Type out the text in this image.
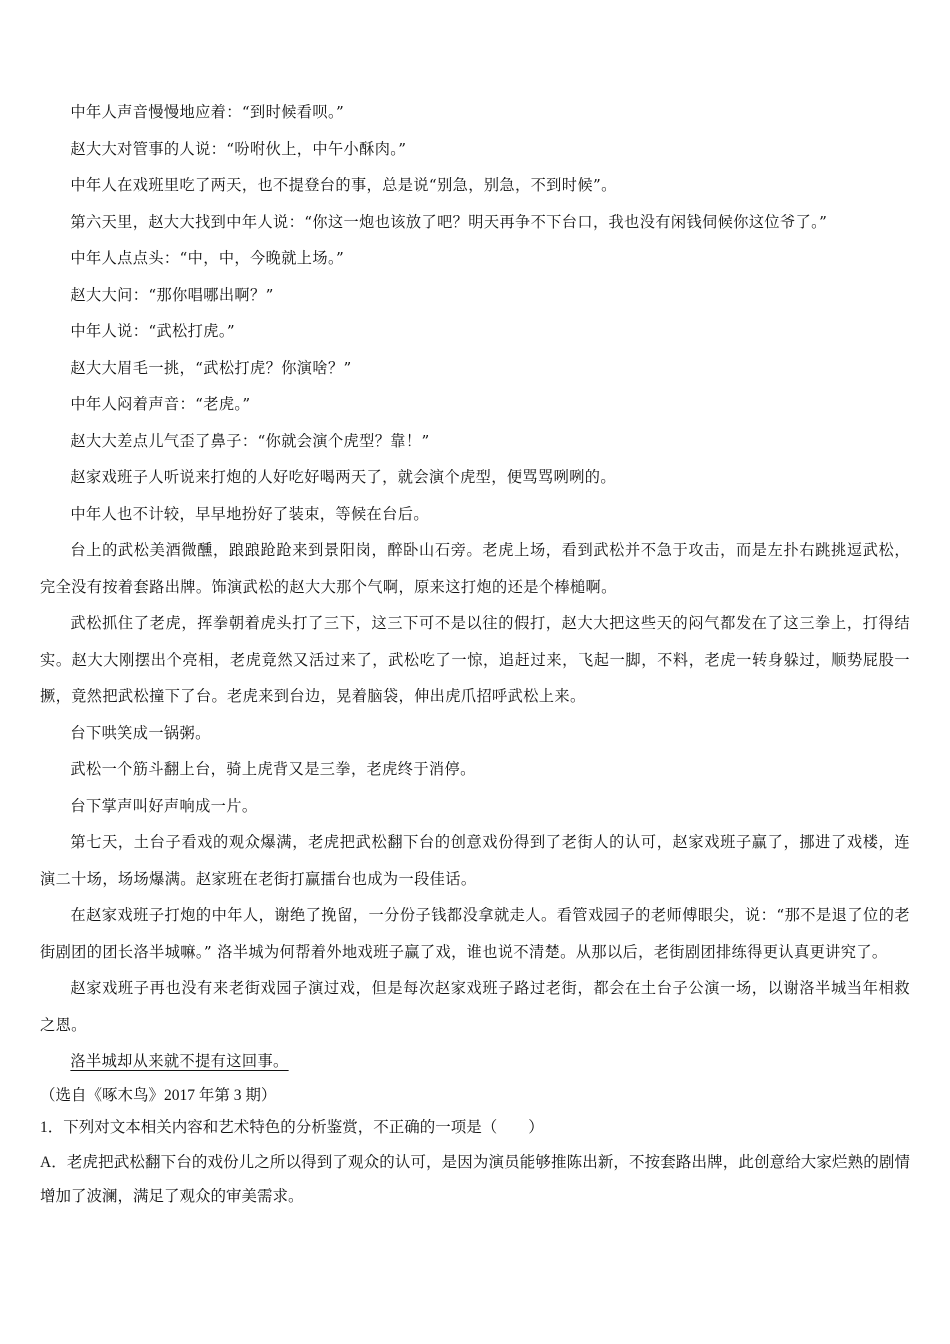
中年人声音慢慢地应着：“到时候看呗。”

赵大大对管事的人说：“吩咐伙上，中午小酥肉。”

中年人在戏班里吃了两天，也不提登台的事，总是说“别急，别急，不到时候”。

第六天里，赵大大找到中年人说：“你这一炮也该放了吧？明天再争不下台口，我也没有闲钱伺候你这位爷了。”

中年人点点头：“中，中，今晚就上场。”

赵大大问：“那你唱哪出啊？”

中年人说：“武松打虎。”

赵大大眉毛一挑，“武松打虎？你演啥？”

中年人闷着声音：“老虎。”

赵大大差点儿气歪了鼻子：“你就会演个虎型？靠！”

赵家戏班子人听说来打炮的人好吃好喝两天了，就会演个虎型，便骂骂咧咧的。

中年人也不计较，早早地扮好了装束，等候在台后。

台上的武松美酒微醺，踉踉跄跄来到景阳岗，醉卧山石旁。老虎上场，看到武松并不急于攻击，而是左扑右跳挑逗武松，完全没有按着套路出牌。饰演武松的赵大大那个气啊，原来这打炮的还是个棒槌啊。

武松抓住了老虎，挥拳朝着虎头打了三下，这三下可不是以往的假打，赵大大把这些天的闷气都发在了这三拳上，打得结实。赵大大刚摆出个亮相，老虎竟然又活过来了，武松吃了一惊，追赶过来，飞起一脚，不料，老虎一转身躲过，顺势屁股一撅，竟然把武松撞下了台。老虎来到台边，晃着脑袋，伸出虎爪招呼武松上来。

台下哄笑成一锅粥。

武松一个筋斗翻上台，骑上虎背又是三拳，老虎终于消停。

台下掌声叫好声响成一片。

第七天，土台子看戏的观众爆满，老虎把武松翻下台的创意戏份得到了老街人的认可，赵家戏班子赢了，挪进了戏楼，连演二十场，场场爆满。赵家班在老街打赢擂台也成为一段佳话。

在赵家戏班子打炮的中年人，谢绝了挽留，一分份子钱都没拿就走人。看管戏园子的老师傅眼尖，说：“那不是退了位的老街剧团的团长洛半城嘛。” 洛半城为何帮着外地戏班子赢了戏，谁也说不清楚。从那以后，老街剧团排练得更认真更讲究了。

赵家戏班子再也没有来老街戏园子演过戏，但是每次赵家戏班子路过老街，都会在土台子公演一场，以谢洛半城当年相救之恩。

洛半城却从来就不提有这回事。

（选自《啄木鸟》2017 年第 3 期）

1．下列对文本相关内容和艺术特色的分析鉴赏，不正确的一项是（　　）

A．老虎把武松翻下台的戏份儿之所以得到了观众的认可，是因为演员能够推陈出新，不按套路出牌，此创意给大家烂熟的剧情增加了波澜，满足了观众的审美需求。
